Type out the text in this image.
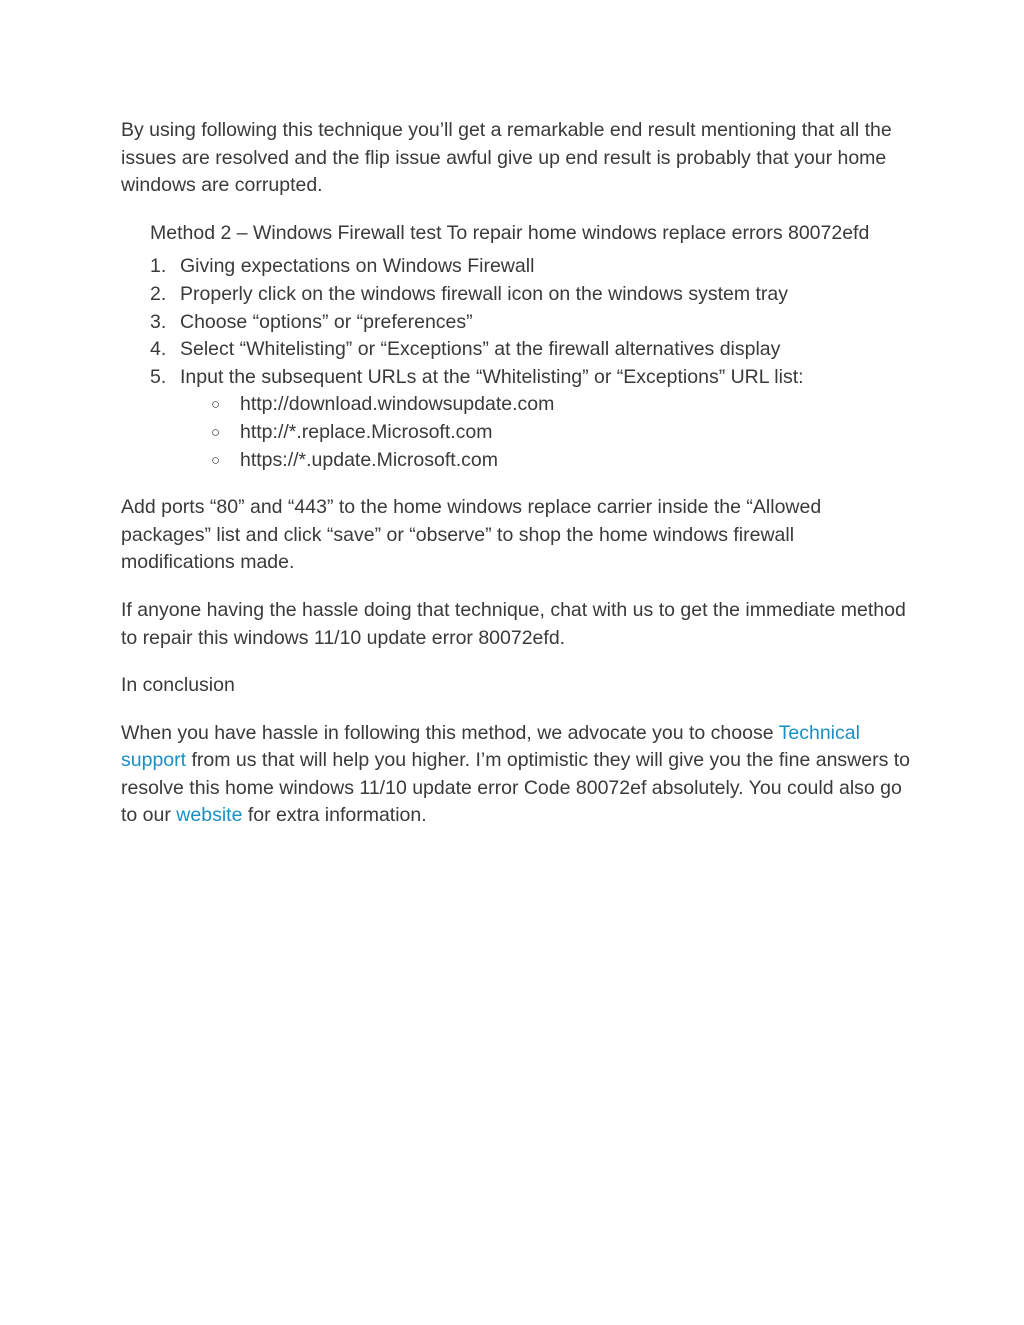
By using following this technique you’ll get a remarkable end result mentioning that all the issues are resolved and the flip issue awful give up end result is probably that your home windows are corrupted.

Method 2 – Windows Firewall test To repair home windows replace errors 80072efd

1. Giving expectations on Windows Firewall
2. Properly click on the windows firewall icon on the windows system tray
3. Choose “options” or “preferences”
4. Select “Whitelisting” or “Exceptions” at the firewall alternatives display
5. Input the subsequent URLs at the “Whitelisting” or “Exceptions” URL list:
○ http://download.windowsupdate.com
○ http://*.replace.Microsoft.com
○ https://*.update.Microsoft.com

Add ports “80” and “443” to the home windows replace carrier inside the “Allowed packages” list and click “save” or “observe” to shop the home windows firewall modifications made.

If anyone having the hassle doing that technique, chat with us to get the immediate method to repair this windows 11/10 update error 80072efd.

In conclusion

When you have hassle in following this method, we advocate you to choose Technical support from us that will help you higher. I’m optimistic they will give you the fine answers to resolve this home windows 11/10 update error Code 80072ef absolutely. You could also go to our website for extra information.
